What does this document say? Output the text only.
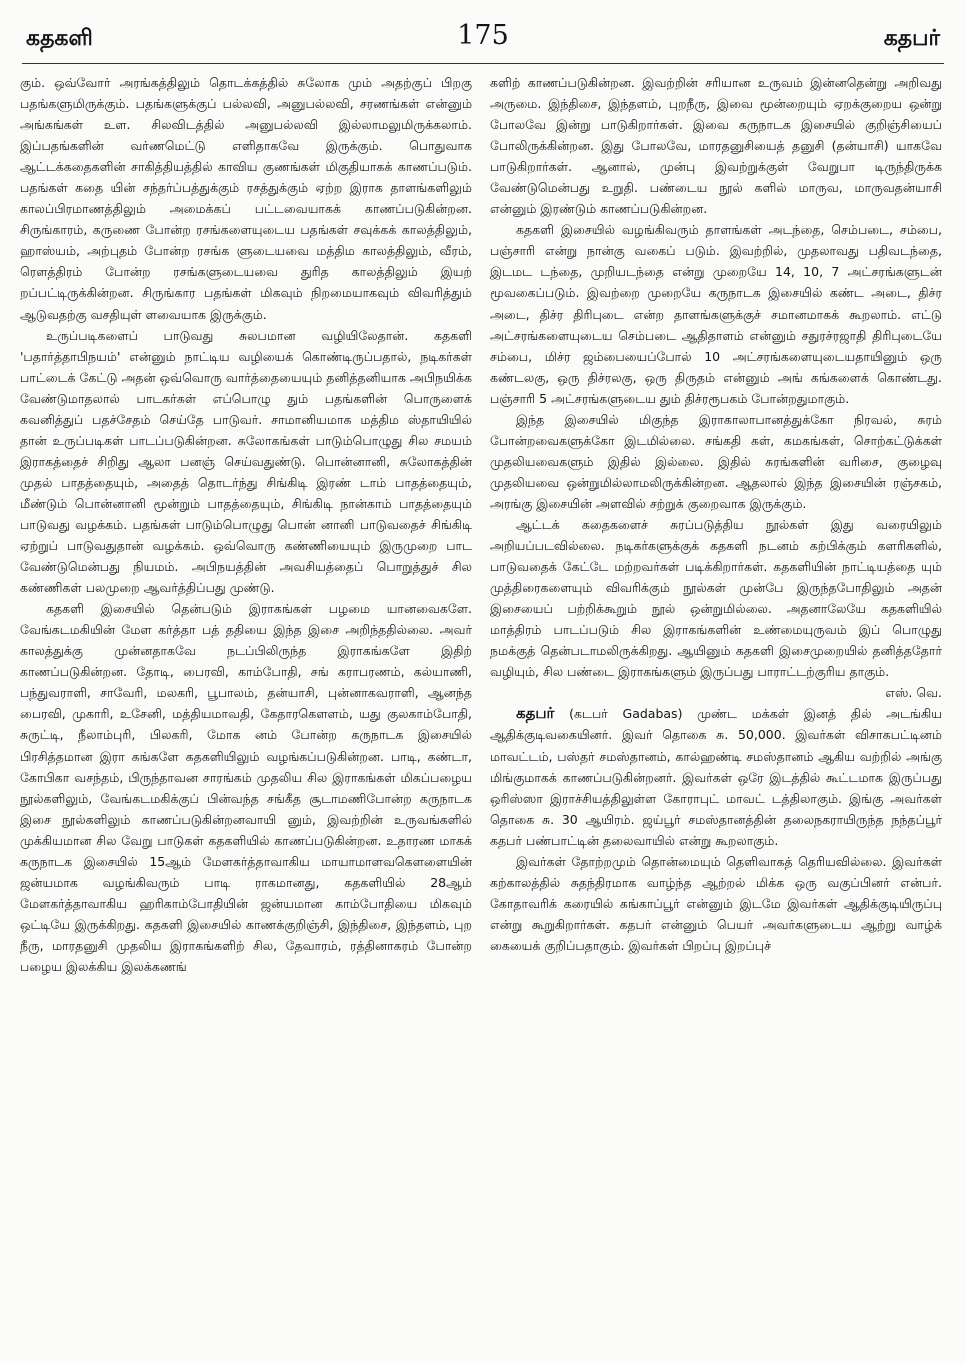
கதகளி	175	கதபர்

கும். ஒவ்வோர் அரங்கத்திலும் தொடக்கத்தில் சுலோக மும் அதற்குப் பிறகு பதங்களுமிருக்கும். பதங்களுக்குப் பல்லவி, அனுபல்லவி, சரணங்கள் என்னும் அங்கங்கள் உள. சிலவிடத்தில் அனுபல்லவி இல்லாமலுமிருக்கலாம். இப்பதங்களின் வர்ணமெட்டு எளிதாகவே இருக்கும். பொதுவாக ஆட்டக்கதைகளின் சாகித்தியத்தில் காவிய குணங்கள் மிகுதியாகக் காணப்படும். பதங்கள் கதை யின் சந்தர்ப்பத்துக்கும் ரசத்துக்கும் ஏற்ற இராக தாளங்களிலும் காலப்பிரமாணத்திலும் அமைக்கப் பட்டவையாகக் காணப்படுகின்றன. சிருங்காரம், கருணை போன்ற ரசங்களையுடைய பதங்கள் சவுக்கக் காலத்திலும், ஹாஸ்யம், அற்புதம் போன்ற ரசங்க ளுடையவை மத்திம காலத்திலும், வீரம், ரௌத்திரம் போன்ற ரசங்களுடையவை துரித காலத்திலும் இயற் றப்பட்டிருக்கின்றன. சிருங்கார பதங்கள் மிகவும் நிறமையாகவும் விவரித்தும் ஆடுவதற்கு வசதியுள் ளவையாக இருக்கும்.

உருப்படிகளைப் பாடுவது சுலபமான வழியிலேதான். கதகளி 'பதார்த்தாபிநயம்' என்னும் நாட்டிய வழியைக் கொண்டிருப்பதால், நடிகர்கள் பாட்டைக் கேட்டு அதன் ஒவ்வொரு வார்த்தையையும் தனித்தனியாக அபிநயிக்க வேண்டுமாதலால் பாடகர்கள் எப்பொழு தும் பதங்களின் பொருளைக் கவனித்துப் பதச்சேதம் செய்தே பாடுவர். சாமானியமாக மத்திம ஸ்தாயியில் தான் உருப்படிகள் பாடப்படுகின்றன. சுலோகங்கள் பாடும்பொழுது சில சமயம் இராகத்தைச் சிறிது ஆலா பனஞ் செய்வதுண்டு. பொன்னானி, சுலோகத்தின் முதல் பாதத்தையும், அதைத் தொடர்ந்து சிங்கிடி இரண் டாம் பாதத்தையும், மீண்டும் பொன்னானி மூன்றும் பாதத்தையும், சிங்கிடி நான்காம் பாதத்தையும் பாடுவது வழக்கம். பதங்கள் பாடும்பொழுது பொன் னானி பாடுவதைச் சிங்கிடி ஏற்றுப் பாடுவதுதான் வழக்கம். ஒவ்வொரு கண்ணியையும் இருமுறை பாட வேண்டுமென்பது நியமம். அபிநயத்தின் அவசியத்தைப் பொறுத்துச் சில கண்ணிகள் பலமுறை ஆவர்த்திப்பது முண்டு.

கதகளி இசையில் தென்படும் இராகங்கள் பழமை யானவைகளே. வேங்கடமகியின் மேள கர்த்தா பத் ததியை இந்த இசை அறிந்ததில்லை. அவர் காலத்துக்கு முன்னதாகவே நடப்பிலிருந்த இராகங்களே இதிற் காணப்படுகின்றன. தோடி, பைரவி, காம்போதி, சங் கராபரணம், கல்யாணி, பந்துவராளி, சாவேரி, மலகரி, பூபாலம், தன்யாசி, புன்னாகவராளி, ஆனந்த பைரவி, முகாரி, உசேனி, மத்தியமாவதி, கேதாரகௌளம், யது குலகாம்போதி, சுருட்டி, நீலாம்புரி, பிலகரி, மோக னம் போன்ற கருநாடக இசையில் பிரசித்தமான இரா கங்களே கதகளியிலும் வழங்கப்படுகின்றன. பாடி, கண்டா, கோபிகா வசந்தம், பிருந்தாவன சாரங்கம் முதலிய சில இராகங்கள் மிகப்பழைய நூல்களிலும், வேங்கடமகிக்குப் பின்வந்த சங்கீத சூடாமணிபோன்ற கருநாடக இசை நூல்களிலும் காணப்படுகின்றனவாயி னும், இவற்றின் உருவங்களில் முக்கியமான சில வேறு பாடுகள் கதகளியில் காணப்படுகின்றன. உதாரண மாகக் கருநாடக இசையில் 15ஆம் மேளகர்த்தாவாகிய மாயாமாளவகௌளையின் ஜன்யமாக வழங்கிவரும் பாடி ராகமானது, கதகளியில் 28ஆம் மேளகர்த்தாவாகிய ஹரிகாம்போதியின் ஜன்யமான காம்போதியை மிகவும் ஒட்டியே இருக்கிறது. கதகளி இசையில் காணக்குறிஞ்சி, இந்திசை, இந்தளம், புற நீரு, மாரதனுசி முதலிய இராகங்களிற் சில, தேவாரம், ரத்தினாகரம் போன்ற பழைய இலக்கிய இலக்கணங்

களிற் காணப்படுகின்றன. இவற்றின் சரியான உருவம் இன்னதென்று அறிவது அருமை. இந்திசை, இந்தளம், புறநீரு, இவை மூன்றையும் ஏறக்குறைய ஒன்று போலவே இன்று பாடுகிறார்கள். இவை கருநாடக இசையில் குறிஞ்சியைப் போலிருக்கின்றன. இது போலவே, மாரதனுசியைத் தனுசி (தன்யாசி) யாகவே பாடுகிறார்கள். ஆனால், முன்பு இவற்றுக்குள் வேறுபா டிருந்திருக்க வேண்டுமென்பது உறுதி. பண்டைய நூல் களில் மாருவ, மாருவதன்யாசி என்னும் இரண்டும் காணப்படுகின்றன.

கதகளி இசையில் வழங்கிவரும் தாளங்கள் அடந்தை, செம்படை, சம்பை, பஞ்சாரி என்று நான்கு வகைப் படும். இவற்றில், முதலாவது பதிவடந்தை, இடமட டந்தை, முறியடந்தை என்று முறையே 14, 10, 7 அட்சரங்களுடன் மூவகைப்படும். இவற்றை முறையே கருநாடக இசையில் கண்ட அடை, திச்ர அடை, திச்ர திரிபுடை என்ற தாளங்களுக்குச் சமானமாகக் கூறலாம். எட்டு அட்சரங்களையுடைய செம்படை ஆதிதாளம் என்னும் சதுரச்ரஜாதி திரிபுடையே சம்பை, மிச்ர ஜம்பையைப்போல் 10 அட்சரங்களையுடையதாயினும் ஒரு கண்டலகு, ஒரு திச்ரலகு, ஒரு திருதம் என்னும் அங் கங்களைக் கொண்டது. பஞ்சாரி 5 அட்சரங்களுடைய தும் திச்ரரூபகம் போன்றதுமாகும்.

இந்த இசையில் மிகுந்த இராகாலாபானத்துக்கோ நிரவல், சுரம் போன்றவைகளுக்கோ இடமில்லை. சங்கதி கள், கமகங்கள், சொற்கட்டுக்கள் முதலியவைகளும் இதில் இல்லை. இதில் சுரங்களின் வரிசை, குழைவு முதலியவை ஒன்றுமில்லாமலிருக்கின்றன. ஆதலால் இந்த இசையின் ரஞ்சகம், அரங்கு இசையின் அளவில் சற்றுக் குறைவாக இருக்கும்.

ஆட்டக் கதைகளைச் சுரப்படுத்திய நூல்கள் இது வரையிலும் அறியப்படவில்லை. நடிகர்களுக்குக் கதகளி நடனம் கற்பிக்கும் களரிகளில், பாடுவதைக் கேட்டே மற்றவர்கள் படிக்கிறார்கள். கதகளியின் நாட்டியத்தை யும் முத்திரைகளையும் விவரிக்கும் நூல்கள் முன்பே இருந்தபோதிலும் அதன் இசையைப் பற்றிக்கூறும் நூல் ஒன்றுமில்லை. அதனாலேயே கதகளியில் மாத்திரம் பாடப்படும் சில இராகங்களின் உண்மையுருவம் இப் பொழுது நமக்குத் தென்படாமலிருக்கிறது. ஆயினும் கதகளி இசைமுறையில் தனித்ததோர் வழியும், சில பண்டை இராகங்களும் இருப்பது பாராட்டற்குரிய தாகும்.

எஸ். வெ.

கதபர் (கடபர் Gadabas) முண்ட மக்கள் இனத் தில் அடங்கிய ஆதிக்குடிவகையினர். இவர் தொகை சு. 50,000. இவர்கள் விசாகபட்டினம் மாவட்டம், பஸ்தர் சமஸ்தானம், கால்ஹண்டி சமஸ்தானம் ஆகிய வற்றில் அங்கு மிங்குமாகக் காணப்படுகின்றனர். இவர்கள் ஒரே இடத்தில் கூட்டமாக இருப்பது ஒரிஸ்ஸா இராச்சியத்திலுள்ள கோராபுட் மாவட் டத்திலாகும். இங்கு அவர்கள் தொகை சு. 30 ஆயிரம். ஜய்பூர் சமஸ்தானத்தின் தலைநகராயிருந்த நந்தப்பூர் கதபர் பண்பாட்டின் தலைவாயில் என்று கூறலாகும்.

இவர்கள் தோற்றமும் தொன்மையும் தெளிவாகத் தெரியவில்லை. இவர்கள் கற்காலத்தில் சுதந்திரமாக வாழ்ந்த ஆற்றல் மிக்க ஒரு வகுப்பினர் என்பர். கோதாவரிக் கரையில் கங்காப்பூர் என்னும் இடமே இவர்கள் ஆதிக்குடியிருப்பு என்று கூறுகிறார்கள். கதபர் என்னும் பெயர் அவர்களுடைய ஆற்று வாழ்க் கையைக் குறிப்பதாகும். இவர்கள் பிறப்பு இறப்புச்
